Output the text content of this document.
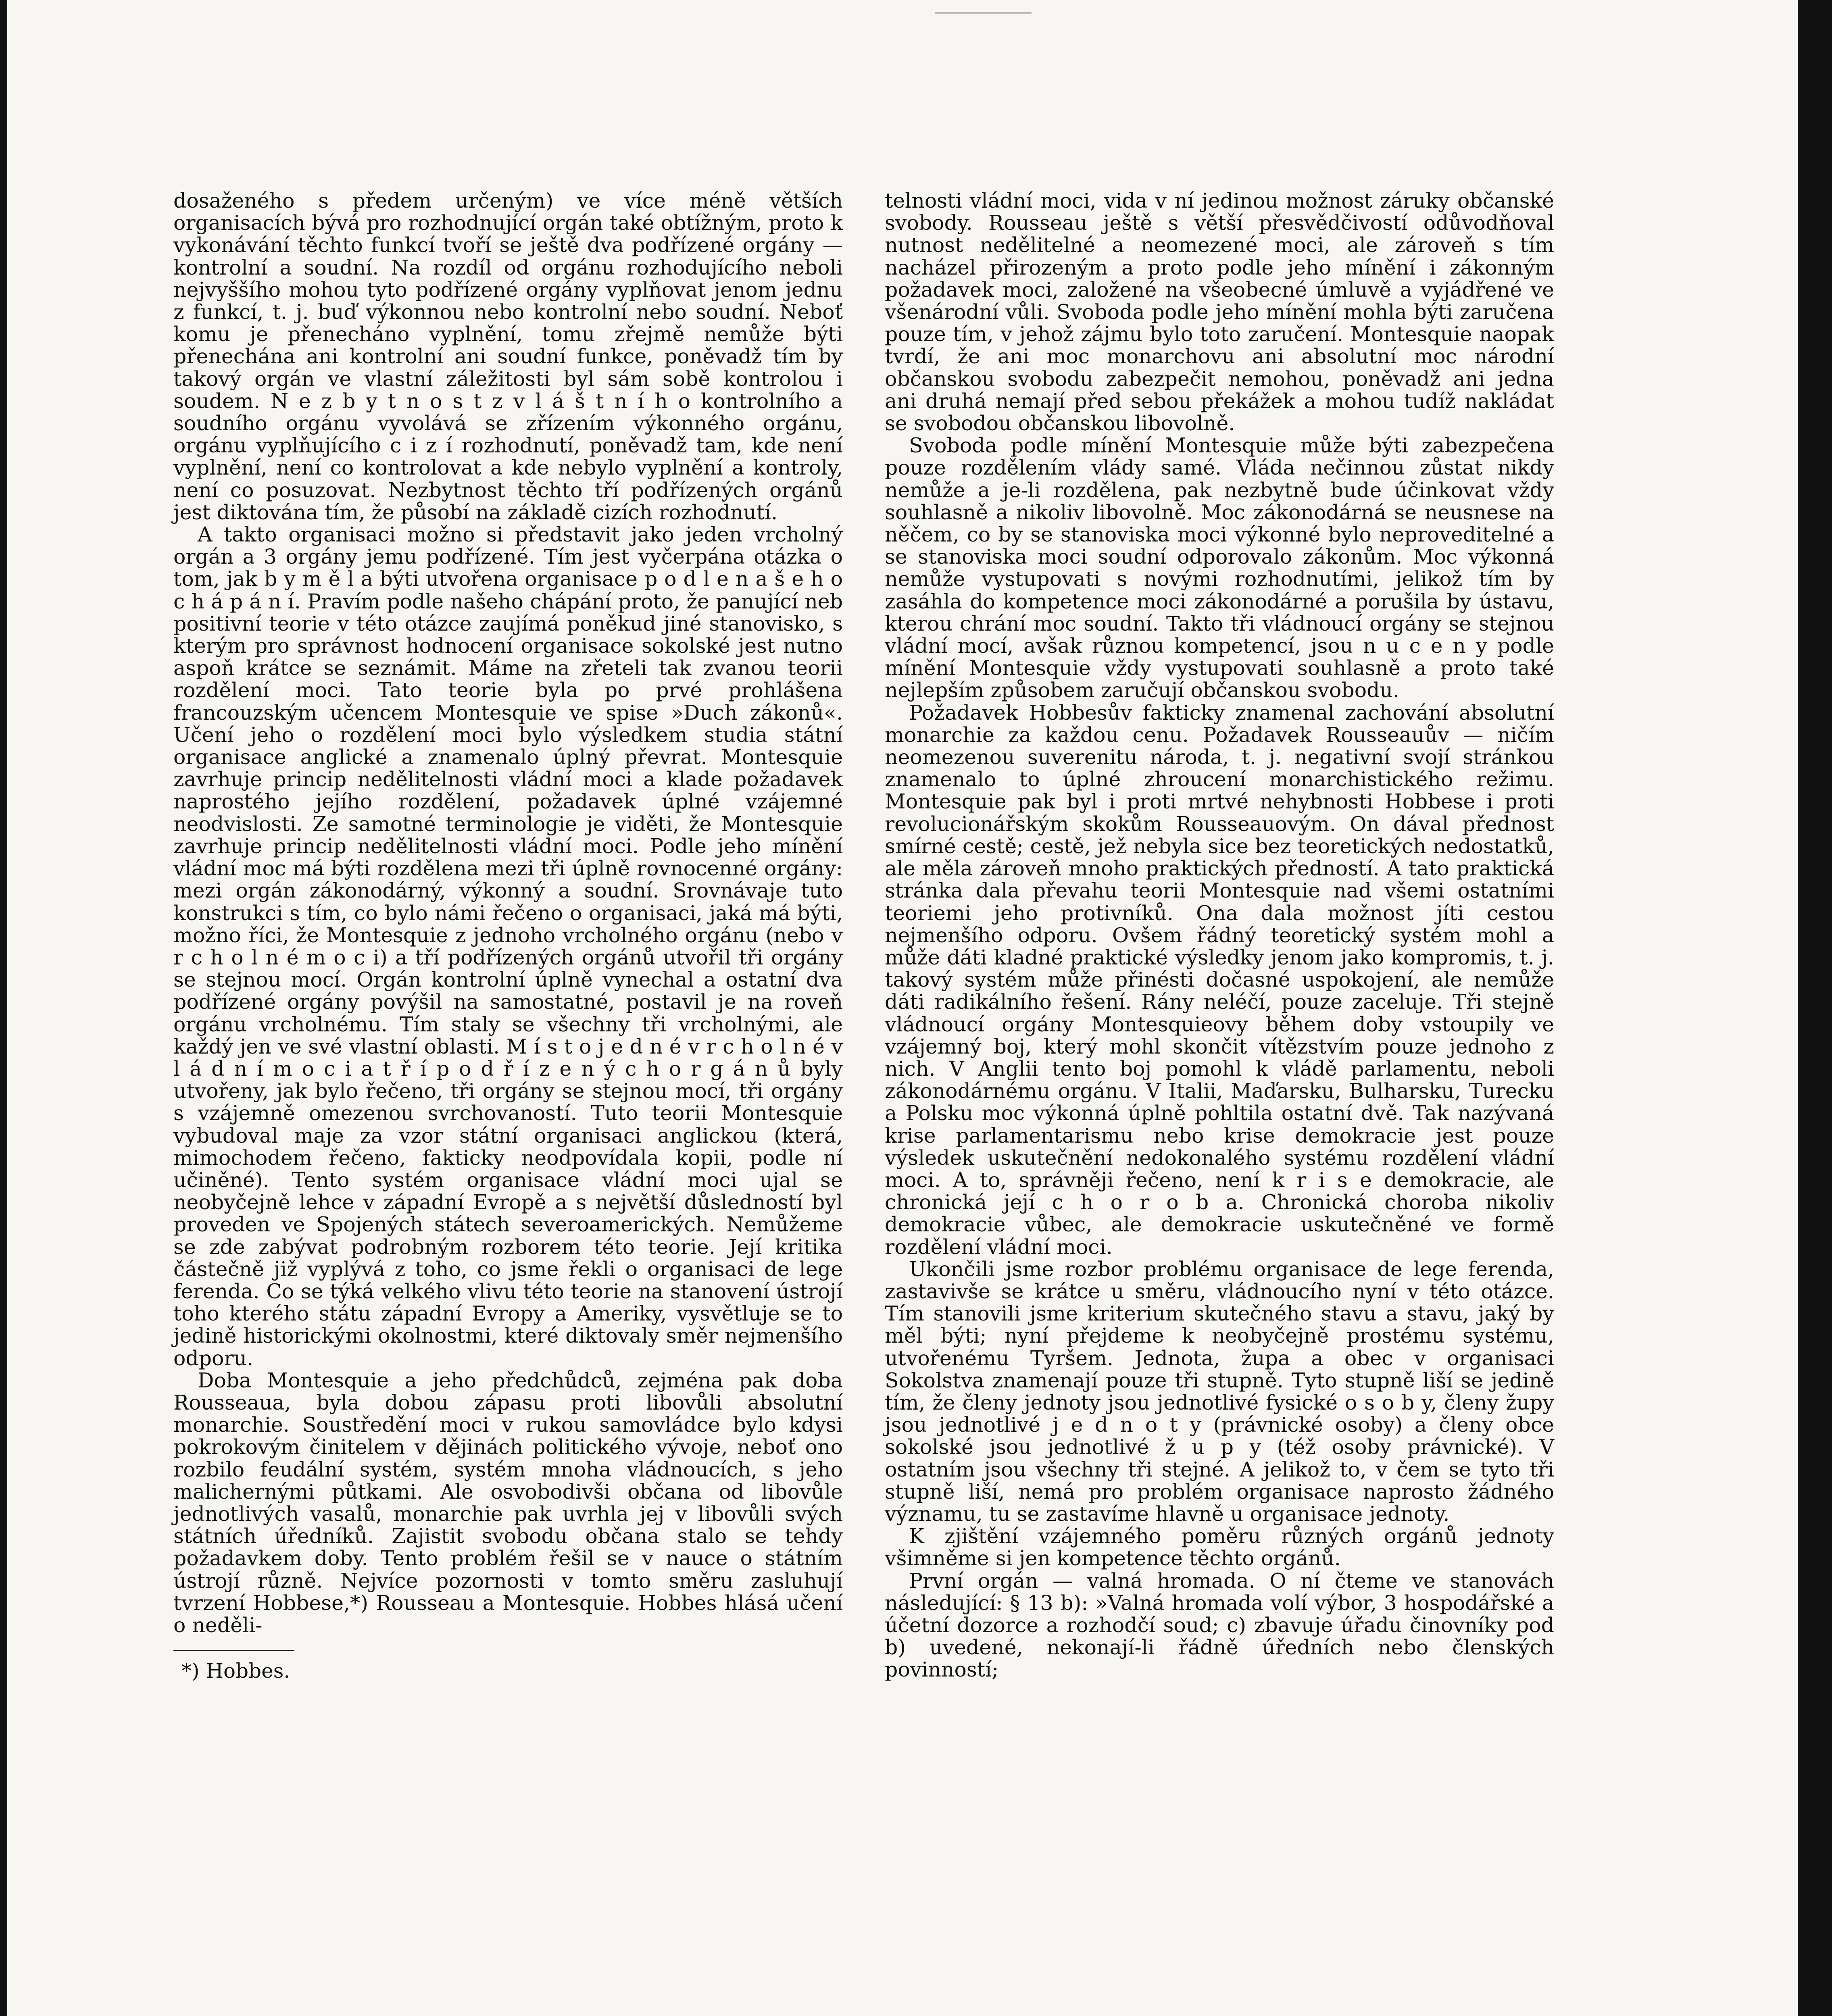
dosaženého s předem určeným) ve více méně větších organisacích bývá pro rozhodnující orgán také obtížným, proto k vykonávání těchto funkcí tvoří se ještě dva podřízené orgány — kontrolní a soudní. Na rozdíl od orgánu rozhodujícího neboli nejvyššího mohou tyto podřízené orgány vyplňovat jenom jednu z funkcí, t. j. buď výkonnou nebo kontrolní nebo soudní. Neboť komu je přenecháno vyplnění, tomu zřejmě nemůže býti přenechána ani kontrolní ani soudní funkce, poněvadž tím by takový orgán ve vlastní záležitosti byl sám sobě kontrolou i soudem. N e z b y t n o s t z v l á š t n í h o kontrolního a soudního orgánu vyvolává se zřízením výkonného orgánu, orgánu vyplňujícího c i z í rozhodnutí, poněvadž tam, kde není vyplnění, není co kontrolovat a kde nebylo vyplnění a kontroly, není co posuzovat. Nezbytnost těchto tří podřízených orgánů jest diktována tím, že působí na základě cizích rozhodnutí.

A takto organisaci možno si představit jako jeden vrcholný orgán a 3 orgány jemu podřízené. Tím jest vyčerpána otázka o tom, jak b y m ě l a býti utvořena organisace p o d l e n a š e h o c h á p á n í. Pravím podle našeho chápání proto, že panující neb positivní teorie v této otázce zaujímá poněkud jiné stanovisko, s kterým pro správnost hodnocení organisace sokolské jest nutno aspoň krátce se seznámit. Máme na zřeteli tak zvanou teorii rozdělení moci. Tato teorie byla po prvé prohlášena francouzským učencem Montesquie ve spise »Duch zákonů«. Učení jeho o rozdělení moci bylo výsledkem studia státní organisace anglické a znamenalo úplný převrat. Montesquie zavrhuje princip nedělitelnosti vládní moci a klade požadavek naprostého jejího rozdělení, požadavek úplné vzájemné neodvislosti. Ze samotné terminologie je viděti, že Montesquie zavrhuje princip nedělitelnosti vládní moci. Podle jeho mínění vládní moc má býti rozdělena mezi tři úplně rovnocenné orgány: mezi orgán zákonodárný, výkonný a soudní. Srovnávaje tuto konstrukci s tím, co bylo námi řečeno o organisaci, jaká má býti, možno říci, že Montesquie z jednoho vrcholného orgánu (nebo v r c h o l n é m o c i) a tří podřízených orgánů utvořil tři orgány se stejnou mocí. Orgán kontrolní úplně vynechal a ostatní dva podřízené orgány povýšil na samostatné, postavil je na roveň orgánu vrcholnému. Tím staly se všechny tři vrcholnými, ale každý jen ve své vlastní oblasti. M í s t o j e d n é v r c h o l n é v l á d n í m o c i a t ř í p o d ř í z e n ý c h o r g á n ů byly utvořeny, jak bylo řečeno, tři orgány se stejnou mocí, tři orgány s vzájemně omezenou svrchovaností. Tuto teorii Montesquie vybudoval maje za vzor státní organisaci anglickou (která, mimochodem řečeno, fakticky neodpovídala kopii, podle ní učiněné). Tento systém organisace vládní moci ujal se neobyčejně lehce v západní Evropě a s největší důsledností byl proveden ve Spojených státech severoamerických. Nemůžeme se zde zabývat podrobným rozborem této teorie. Její kritika částečně již vyplývá z toho, co jsme řekli o organisaci de lege ferenda. Co se týká velkého vlivu této teorie na stanovení ústrojí toho kterého státu západní Evropy a Ameriky, vysvětluje se to jedině historickými okolnostmi, které diktovaly směr nejmenšího odporu.

Doba Montesquie a jeho předchůdců, zejména pak doba Rousseaua, byla dobou zápasu proti libovůli absolutní monarchie. Soustředění moci v rukou samovládce bylo kdysi pokrokovým činitelem v dějinách politického vývoje, neboť ono rozbilo feudální systém, systém mnoha vládnoucích, s jeho malichernými půtkami. Ale osvobodivši občana od libovůle jednotlivých vasalů, monarchie pak uvrhla jej v libovůli svých státních úředníků. Zajistit svobodu občana stalo se tehdy požadavkem doby. Tento problém řešil se v nauce o státním ústrojí různě. Nejvíce pozornosti v tomto směru zasluhují tvrzení Hobbese,*) Rousseau a Montesquie. Hobbes hlásá učení o neděli-

*) Hobbes.

telnosti vládní moci, vida v ní jedinou možnost záruky občanské svobody. Rousseau ještě s větší přesvědčivostí odůvodňoval nutnost nedělitelné a neomezené moci, ale zároveň s tím nacházel přirozeným a proto podle jeho mínění i zákonným požadavek moci, založené na všeobecné úmluvě a vyjádřené ve všenárodní vůli. Svoboda podle jeho mínění mohla býti zaručena pouze tím, v jehož zájmu bylo toto zaručení. Montesquie naopak tvrdí, že ani moc monarchovu ani absolutní moc národní občanskou svobodu zabezpečit nemohou, poněvadž ani jedna ani druhá nemají před sebou překážek a mohou tudíž nakládat se svobodou občanskou libovolně.

Svoboda podle mínění Montesquie může býti zabezpečena pouze rozdělením vlády samé. Vláda nečinnou zůstat nikdy nemůže a je-li rozdělena, pak nezbytně bude účinkovat vždy souhlasně a nikoliv libovolně. Moc zákonodárná se neusnese na něčem, co by se stanoviska moci výkonné bylo neproveditelné a se stanoviska moci soudní odporovalo zákonům. Moc výkonná nemůže vystupovati s novými rozhodnutími, jelikož tím by zasáhla do kompetence moci zákonodárné a porušila by ústavu, kterou chrání moc soudní. Takto tři vládnoucí orgány se stejnou vládní mocí, avšak různou kompetencí, jsou n u c e n y podle mínění Montesquie vždy vystupovati souhlasně a proto také nejlepším způsobem zaručují občanskou svobodu.

Požadavek Hobbesův fakticky znamenal zachování absolutní monarchie za každou cenu. Požadavek Rousseauův — ničím neomezenou suverenitu národa, t. j. negativní svojí stránkou znamenalo to úplné zhroucení monarchistického režimu. Montesquie pak byl i proti mrtvé nehybnosti Hobbese i proti revolucionářským skokům Rousseauovým. On dával přednost smírné cestě; cestě, jež nebyla sice bez teoretických nedostatků, ale měla zároveň mnoho praktických předností. A tato praktická stránka dala převahu teorii Montesquie nad všemi ostatními teoriemi jeho protivníků. Ona dala možnost jíti cestou nejmenšího odporu. Ovšem řádný teoretický systém mohl a může dáti kladné praktické výsledky jenom jako kompromis, t. j. takový systém může přinésti dočasné uspokojení, ale nemůže dáti radikálního řešení. Rány neléčí, pouze zaceluje. Tři stejně vládnoucí orgány Montesquieovy během doby vstoupily ve vzájemný boj, který mohl skončit vítězstvím pouze jednoho z nich. V Anglii tento boj pomohl k vládě parlamentu, neboli zákonodárnému orgánu. V Italii, Maďarsku, Bulharsku, Turecku a Polsku moc výkonná úplně pohltila ostatní dvě. Tak nazývaná krise parlamentarismu nebo krise demokracie jest pouze výsledek uskutečnění nedokonalého systému rozdělení vládní moci. A to, správněji řečeno, není k r i s e demokracie, ale chronická její c h o r o b a. Chronická choroba nikoliv demokracie vůbec, ale demokracie uskutečněné ve formě rozdělení vládní moci.

Ukončili jsme rozbor problému organisace de lege ferenda, zastavivše se krátce u směru, vládnoucího nyní v této otázce. Tím stanovili jsme kriterium skutečného stavu a stavu, jaký by měl býti; nyní přejdeme k neobyčejně prostému systému, utvořenému Tyršem. Jednota, župa a obec v organisaci Sokolstva znamenají pouze tři stupně. Tyto stupně liší se jedině tím, že členy jednoty jsou jednotlivé fysické o s o b y, členy župy jsou jednotlivé j e d n o t y (právnické osoby) a členy obce sokolské jsou jednotlivé ž u p y (též osoby právnické). V ostatním jsou všechny tři stejné. A jelikož to, v čem se tyto tři stupně liší, nemá pro problém organisace naprosto žádného významu, tu se zastavíme hlavně u organisace jednoty.

K zjištění vzájemného poměru různých orgánů jednoty všimněme si jen kompetence těchto orgánů.

První orgán — valná hromada. O ní čteme ve stanovách následující: § 13 b): »Valná hromada volí výbor, 3 hospodářské a účetní dozorce a rozhodčí soud; c) zbavuje úřadu činovníky pod b) uvedené, nekonají-li řádně úředních nebo členských povinností;
